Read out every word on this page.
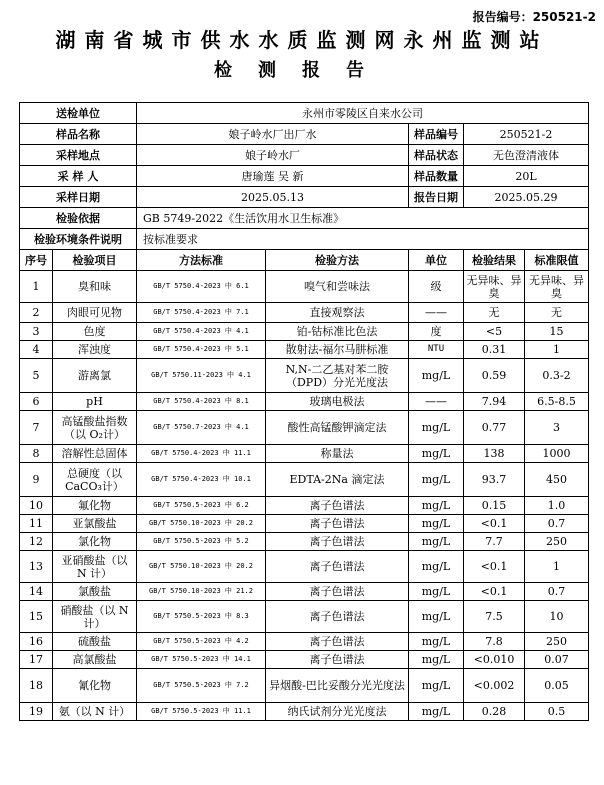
报告编号：250521-2
湖南省城市供水水质监测网永州监测站
检测报告
送检单位		永州市零陵区自来水公司				
样品名称		娘子岭水厂出厂水		样品编号	250521-2	
采样地点		娘子岭水厂		样品状态	无色澄清液体	
采 样 人		唐瑜莲 吴 新		样品数量	20L	
采样日期		2025.05.13		报告日期	2025.05.29	
检验依据		GB 5749-2022《生活饮用水卫生标准》				
检验环境条件说明		按标准要求				
序号	检验项目	方法标准	检验方法	单位	检验结果	标准限值
1	臭和味	GB/T 5750.4-2023 中 6.1	嗅气和尝味法	级	无异味、异臭	无异味、异臭
2	肉眼可见物	GB/T 5750.4-2023 中 7.1	直接观察法	——	无	无
3	色度	GB/T 5750.4-2023 中 4.1	铂-钴标准比色法	度	<5	15
4	浑浊度	GB/T 5750.4-2023 中 5.1	散射法-福尔马肼标准	NTU	0.31	1
5	游离氯	GB/T 5750.11-2023 中 4.1	N,N-二乙基对苯二胺（DPD）分光光度法	mg/L	0.59	0.3-2
6	pH	GB/T 5750.4-2023 中 8.1	玻璃电极法	——	7.94	6.5-8.5
7	高锰酸盐指数（以 O₂计）	GB/T 5750.7-2023 中 4.1	酸性高锰酸钾滴定法	mg/L	0.77	3
8	溶解性总固体	GB/T 5750.4-2023 中 11.1	称量法	mg/L	138	1000
9	总硬度（以 CaCO₃计）	GB/T 5750.4-2023 中 10.1	EDTA-2Na 滴定法	mg/L	93.7	450
10	氟化物	GB/T 5750.5-2023 中 6.2	离子色谱法	mg/L	0.15	1.0
11	亚氯酸盐	GB/T 5750.10-2023 中 20.2	离子色谱法	mg/L	<0.1	0.7
12	氯化物	GB/T 5750.5-2023 中 5.2	离子色谱法	mg/L	7.7	250
13	亚硝酸盐（以 N 计）	GB/T 5750.10-2023 中 20.2	离子色谱法	mg/L	<0.1	1
14	氯酸盐	GB/T 5750.10-2023 中 21.2	离子色谱法	mg/L	<0.1	0.7
15	硝酸盐（以 N 计）	GB/T 5750.5-2023 中 8.3	离子色谱法	mg/L	7.5	10
16	硫酸盐	GB/T 5750.5-2023 中 4.2	离子色谱法	mg/L	7.8	250
17	高氯酸盐	GB/T 5750.5-2023 中 14.1	离子色谱法	mg/L	<0.010	0.07
18	氰化物	GB/T 5750.5-2023 中 7.2	异烟酸-巴比妥酸分光光度法	mg/L	<0.002	0.05
19	氨（以 N 计）	GB/T 5750.5-2023 中 11.1	纳氏试剂分光光度法	mg/L	0.28	0.5
